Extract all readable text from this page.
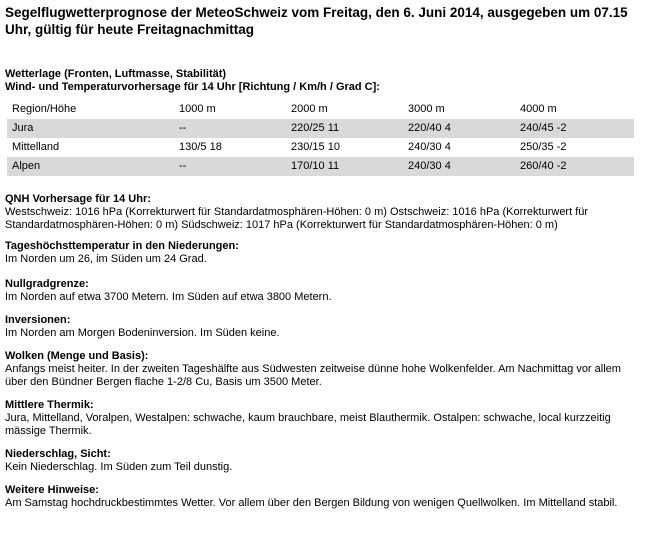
Segelflugwetterprognose der MeteoSchweiz vom Freitag, den 6. Juni 2014, ausgegeben um 07.15 Uhr, gültig für heute Freitagnachmittag

Wetterlage (Fronten, Luftmasse, Stabilität)

Wind- und Temperaturvorhersage für 14 Uhr [Richtung / Km/h / Grad C]:

Region/Höhe	1000 m	2000 m	3000 m	4000 m
Jura	--	220/25 11	220/40 4	240/45 -2
Mittelland	130/5 18	230/15 10	240/30 4	250/35 -2
Alpen	--	170/10 11	240/30 4	260/40 -2

QNH Vorhersage für 14 Uhr:

Westschweiz: 1016 hPa (Korrekturwert für Standardatmosphären-Höhen: 0 m) Ostschweiz: 1016 hPa (Korrekturwert für Standardatmosphären-Höhen: 0 m) Südschweiz: 1017 hPa (Korrekturwert für Standardatmosphären-Höhen: 0 m)

Tageshöchsttemperatur in den Niederungen:

Im Norden um 26, im Süden um 24 Grad.

Nullgradgrenze:

Im Norden auf etwa 3700 Metern. Im Süden auf etwa 3800 Metern.

Inversionen:

Im Norden am Morgen Bodeninversion. Im Süden keine.

Wolken (Menge und Basis):

Anfangs meist heiter. In der zweiten Tageshälfte aus Südwesten zeitweise dünne hohe Wolkenfelder. Am Nachmittag vor allem über den Bündner Bergen flache 1-2/8 Cu, Basis um 3500 Meter.

Mittlere Thermik:

Jura, Mittelland, Voralpen, Westalpen: schwache, kaum brauchbare, meist Blauthermik. Ostalpen: schwache, local kurzzeitig mässige Thermik.

Niederschlag, Sicht:

Kein Niederschlag. Im Süden zum Teil dunstig.

Weitere Hinweise:

Am Samstag hochdruckbestimmtes Wetter. Vor allem über den Bergen Bildung von wenigen Quellwolken. Im Mittelland stabil.
